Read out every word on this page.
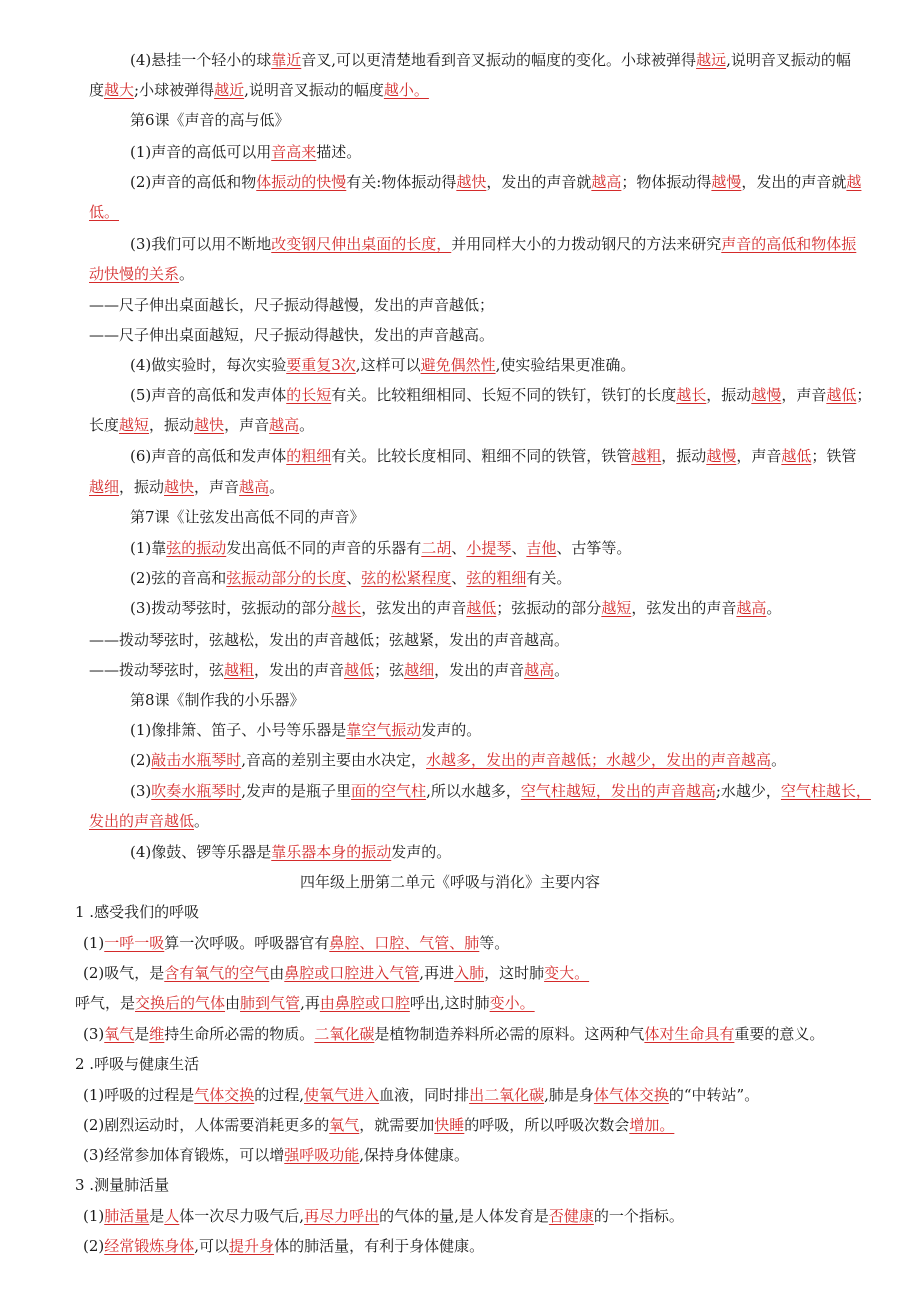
(4)悬挂一个轻小的球靠近音叉,可以更清楚地看到音叉振动的幅度的变化。小球被弹得越远,说明音叉振动的幅
度越大;小球被弹得越近,说明音叉振动的幅度越小。
第6课《声音的高与低》
(1)声音的高低可以用音高来描述。
(2)声音的高低和物体振动的快慢有关:物体振动得越快，发出的声音就越高；物体振动得越慢，发出的声音就越
低。
(3)我们可以用不断地改变钢尺伸出桌面的长度，并用同样大小的力拨动钢尺的方法来研究声音的高低和物体振
动快慢的关系。
——尺子伸出桌面越长，尺子振动得越慢，发出的声音越低；
——尺子伸出桌面越短，尺子振动得越快，发出的声音越高。
(4)做实验时，每次实验要重复3次,这样可以避免偶然性,使实验结果更准确。
(5)声音的高低和发声体的长短有关。比较粗细相同、长短不同的铁钉，铁钉的长度越长，振动越慢，声音越低；
长度越短，振动越快，声音越高。
(6)声音的高低和发声体的粗细有关。比较长度相同、粗细不同的铁管，铁管越粗，振动越慢，声音越低；铁管
越细，振动越快，声音越高。
第7课《让弦发出高低不同的声音》
(1)靠弦的振动发出高低不同的声音的乐器有二胡、小提琴、吉他、古筝等。
(2)弦的音高和弦振动部分的长度、弦的松紧程度、弦的粗细有关。
(3)拨动琴弦时，弦振动的部分越长，弦发出的声音越低；弦振动的部分越短，弦发出的声音越高。
——拨动琴弦时，弦越松，发出的声音越低；弦越紧，发出的声音越高。
——拨动琴弦时，弦越粗，发出的声音越低；弦越细，发出的声音越高。
第8课《制作我的小乐器》
(1)像排箫、笛子、小号等乐器是靠空气振动发声的。
(2)敲击水瓶琴时,音高的差别主要由水决定，水越多，发出的声音越低；水越少，发出的声音越高。
(3)吹奏水瓶琴时,发声的是瓶子里面的空气柱,所以水越多，空气柱越短，发出的声音越高;水越少，空气柱越长，
发出的声音越低。
(4)像鼓、锣等乐器是靠乐器本身的振动发声的。
四年级上册第二单元《呼吸与消化》主要内容
1 .感受我们的呼吸
(1)一呼一吸算一次呼吸。呼吸器官有鼻腔、口腔、气管、肺等。
(2)吸气，是含有氧气的空气由鼻腔或口腔进入气管,再进入肺，这时肺变大。
呼气，是交换后的气体由肺到气管,再由鼻腔或口腔呼出,这时肺变小。
(3)氧气是维持生命所必需的物质。二氧化碳是植物制造养料所必需的原料。这两种气体对生命具有重要的意义。
2 .呼吸与健康生活
(1)呼吸的过程是气体交换的过程,使氧气进入血液，同时排出二氧化碳,肺是身体气体交换的“中转站”。
(2)剧烈运动时，人体需要消耗更多的氧气，就需要加快睡的呼吸，所以呼吸次数会增加。
(3)经常参加体育锻炼，可以增强呼吸功能,保持身体健康。
3 .测量肺活量
(1)肺活量是人体一次尽力吸气后,再尽力呼出的气体的量,是人体发育是否健康的一个指标。
(2)经常锻炼身体,可以提升身体的肺活量，有利于身体健康。
